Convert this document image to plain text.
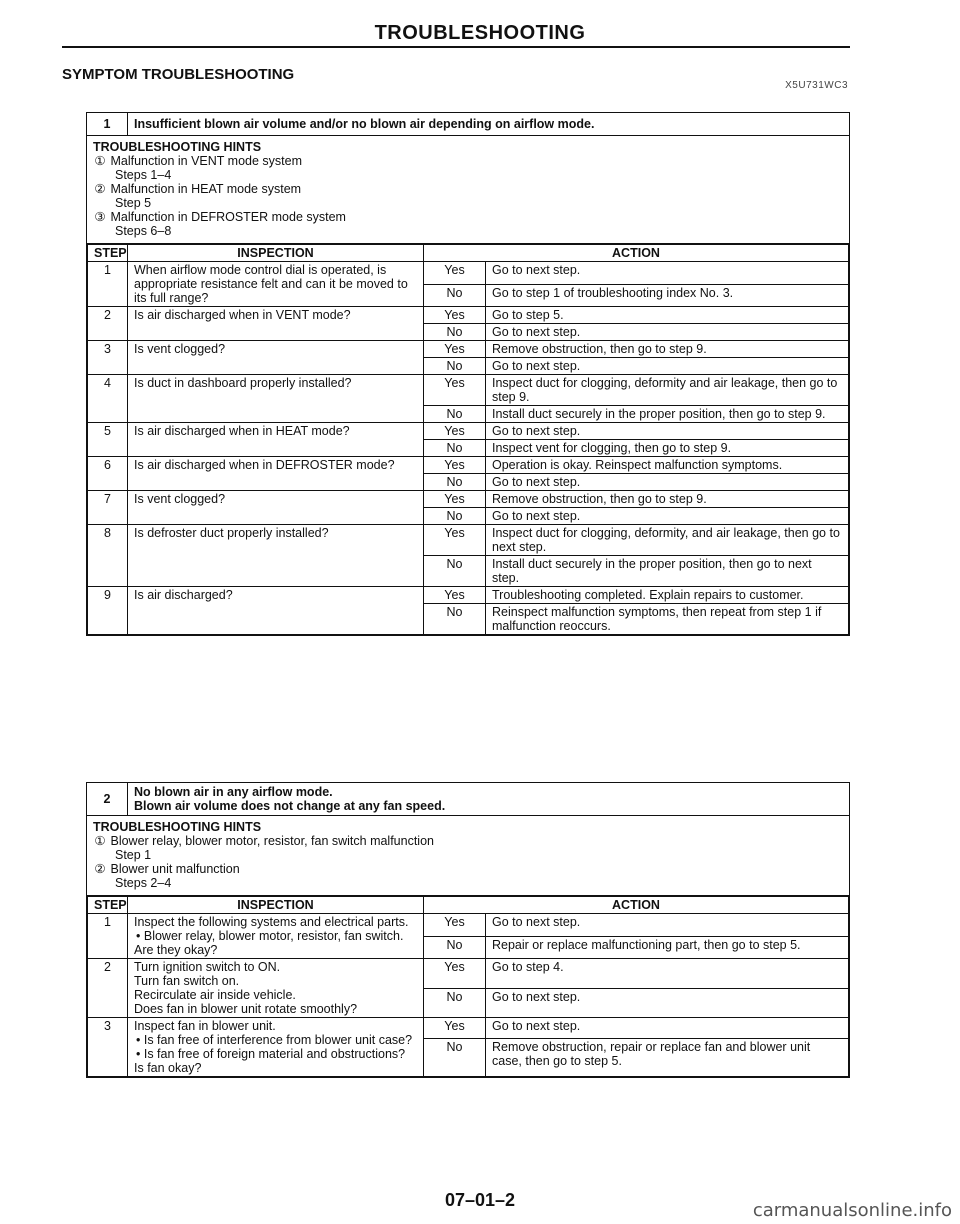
TROUBLESHOOTING
SYMPTOM TROUBLESHOOTING
X5U731WC3
1	Insufficient blown air volume and/or no blown air depending on airflow mode.
TROUBLESHOOTING HINTS
① Malfunction in VENT mode system
Steps 1–4
② Malfunction in HEAT mode system
Step 5
③ Malfunction in DEFROSTER mode system
Steps 6–8
STEP	INSPECTION	ACTION	
1	When airflow mode control dial is operated, is appropriate resistance felt and can it be moved to its full range?	Yes	Go to next step.
		No	Go to step 1 of troubleshooting index No. 3.
2	Is air discharged when in VENT mode?	Yes	Go to step 5.
		No	Go to next step.
3	Is vent clogged?	Yes	Remove obstruction, then go to step 9.
		No	Go to next step.
4	Is duct in dashboard properly installed?	Yes	Inspect duct for clogging, deformity and air leakage, then go to step 9.
		No	Install duct securely in the proper position, then go to step 9.
5	Is air discharged when in HEAT mode?	Yes	Go to next step.
		No	Inspect vent for clogging, then go to step 9.
6	Is air discharged when in DEFROSTER mode?	Yes	Operation is okay. Reinspect malfunction symptoms.
		No	Go to next step.
7	Is vent clogged?	Yes	Remove obstruction, then go to step 9.
		No	Go to next step.
8	Is defroster duct properly installed?	Yes	Inspect duct for clogging, deformity, and air leakage, then go to next step.
		No	Install duct securely in the proper position, then go to next step.
9	Is air discharged?	Yes	Troubleshooting completed. Explain repairs to customer.
		No	Reinspect malfunction symptoms, then repeat from step 1 if malfunction reoccurs.
2	No blown air in any airflow mode.
Blown air volume does not change at any fan speed.
TROUBLESHOOTING HINTS
① Blower relay, blower motor, resistor, fan switch malfunction
Step 1
② Blower unit malfunction
Steps 2–4
STEP	INSPECTION	ACTION	
1	Inspect the following systems and electrical parts.
• Blower relay, blower motor, resistor, fan switch.
Are they okay?	Yes	Go to next step.
		No	Repair or replace malfunctioning part, then go to step 5.
2	Turn ignition switch to ON.
Turn fan switch on.
Recirculate air inside vehicle.
Does fan in blower unit rotate smoothly?	Yes	Go to step 4.
		No	Go to next step.
3	Inspect fan in blower unit.
• Is fan free of interference from blower unit case?
• Is fan free of foreign material and obstructions?
Is fan okay?	Yes	Go to next step.
		No	Remove obstruction, repair or replace fan and blower unit case, then go to step 5.
07–01–2	carmanualsonline.info
